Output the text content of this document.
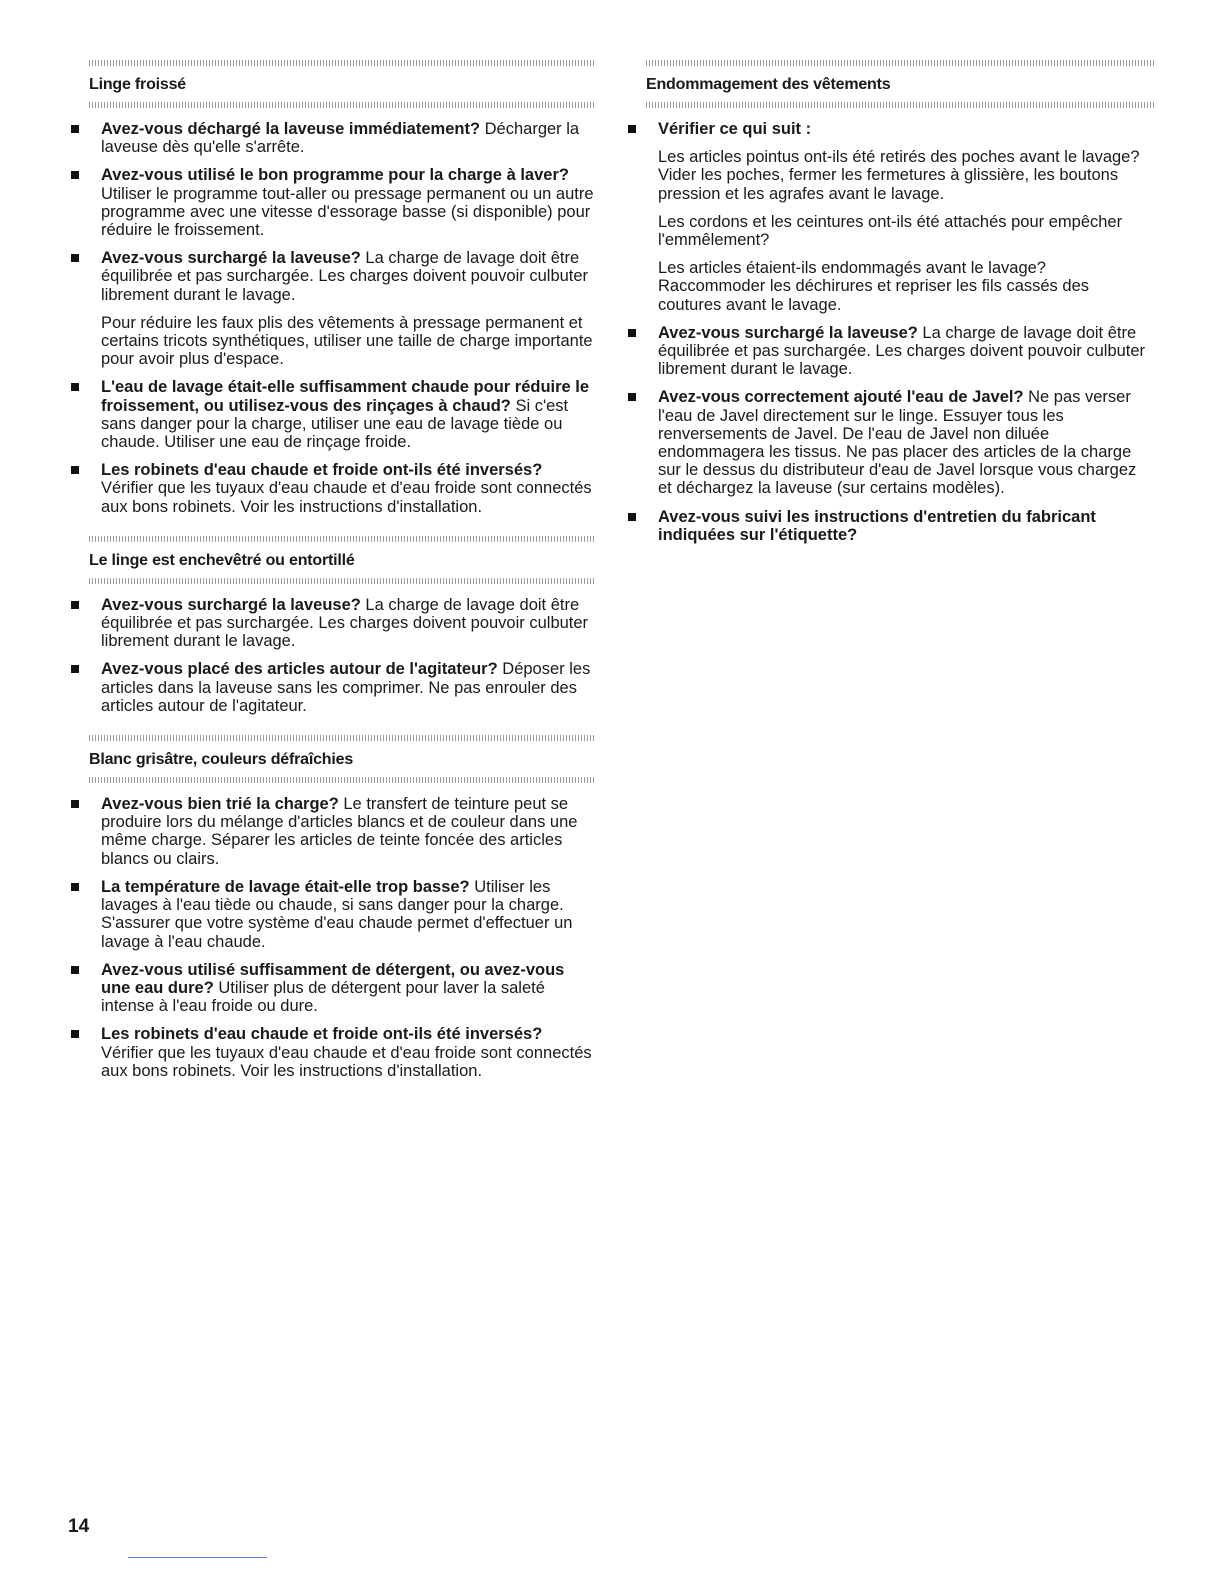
Linge froissé
Avez-vous déchargé la laveuse immédiatement? Décharger la laveuse dès qu'elle s'arrête.
Avez-vous utilisé le bon programme pour la charge à laver? Utiliser le programme tout-aller ou pressage permanent ou un autre programme avec une vitesse d'essorage basse (si disponible) pour réduire le froissement.
Avez-vous surchargé la laveuse? La charge de lavage doit être équilibrée et pas surchargée. Les charges doivent pouvoir culbuter librement durant le lavage.
Pour réduire les faux plis des vêtements à pressage permanent et certains tricots synthétiques, utiliser une taille de charge importante pour avoir plus d'espace.
L'eau de lavage était-elle suffisamment chaude pour réduire le froissement, ou utilisez-vous des rinçages à chaud? Si c'est sans danger pour la charge, utiliser une eau de lavage tiède ou chaude. Utiliser une eau de rinçage froide.
Les robinets d'eau chaude et froide ont-ils été inversés? Vérifier que les tuyaux d'eau chaude et d'eau froide sont connectés aux bons robinets. Voir les instructions d'installation.
Le linge est enchevêtré ou entortillé
Avez-vous surchargé la laveuse? La charge de lavage doit être équilibrée et pas surchargée. Les charges doivent pouvoir culbuter librement durant le lavage.
Avez-vous placé des articles autour de l'agitateur? Déposer les articles dans la laveuse sans les comprimer. Ne pas enrouler des articles autour de l'agitateur.
Blanc grisâtre, couleurs défraîchies
Avez-vous bien trié la charge? Le transfert de teinture peut se produire lors du mélange d'articles blancs et de couleur dans une même charge. Séparer les articles de teinte foncée des articles blancs ou clairs.
La température de lavage était-elle trop basse? Utiliser les lavages à l'eau tiède ou chaude, si sans danger pour la charge. S'assurer que votre système d'eau chaude permet d'effectuer un lavage à l'eau chaude.
Avez-vous utilisé suffisamment de détergent, ou avez-vous une eau dure? Utiliser plus de détergent pour laver la saleté intense à l'eau froide ou dure.
Les robinets d'eau chaude et froide ont-ils été inversés? Vérifier que les tuyaux d'eau chaude et d'eau froide sont connectés aux bons robinets. Voir les instructions d'installation.
Endommagement des vêtements
Vérifier ce qui suit :
Les articles pointus ont-ils été retirés des poches avant le lavage? Vider les poches, fermer les fermetures à glissière, les boutons pression et les agrafes avant le lavage.
Les cordons et les ceintures ont-ils été attachés pour empêcher l'emmêlement?
Les articles étaient-ils endommagés avant le lavage? Raccommoder les déchirures et repriser les fils cassés des coutures avant le lavage.
Avez-vous surchargé la laveuse? La charge de lavage doit être équilibrée et pas surchargée. Les charges doivent pouvoir culbuter librement durant le lavage.
Avez-vous correctement ajouté l'eau de Javel? Ne pas verser l'eau de Javel directement sur le linge. Essuyer tous les renversements de Javel. De l'eau de Javel non diluée endommagera les tissus. Ne pas placer des articles de la charge sur le dessus du distributeur d'eau de Javel lorsque vous chargez et déchargez la laveuse (sur certains modèles).
Avez-vous suivi les instructions d'entretien du fabricant indiquées sur l'étiquette?
14
